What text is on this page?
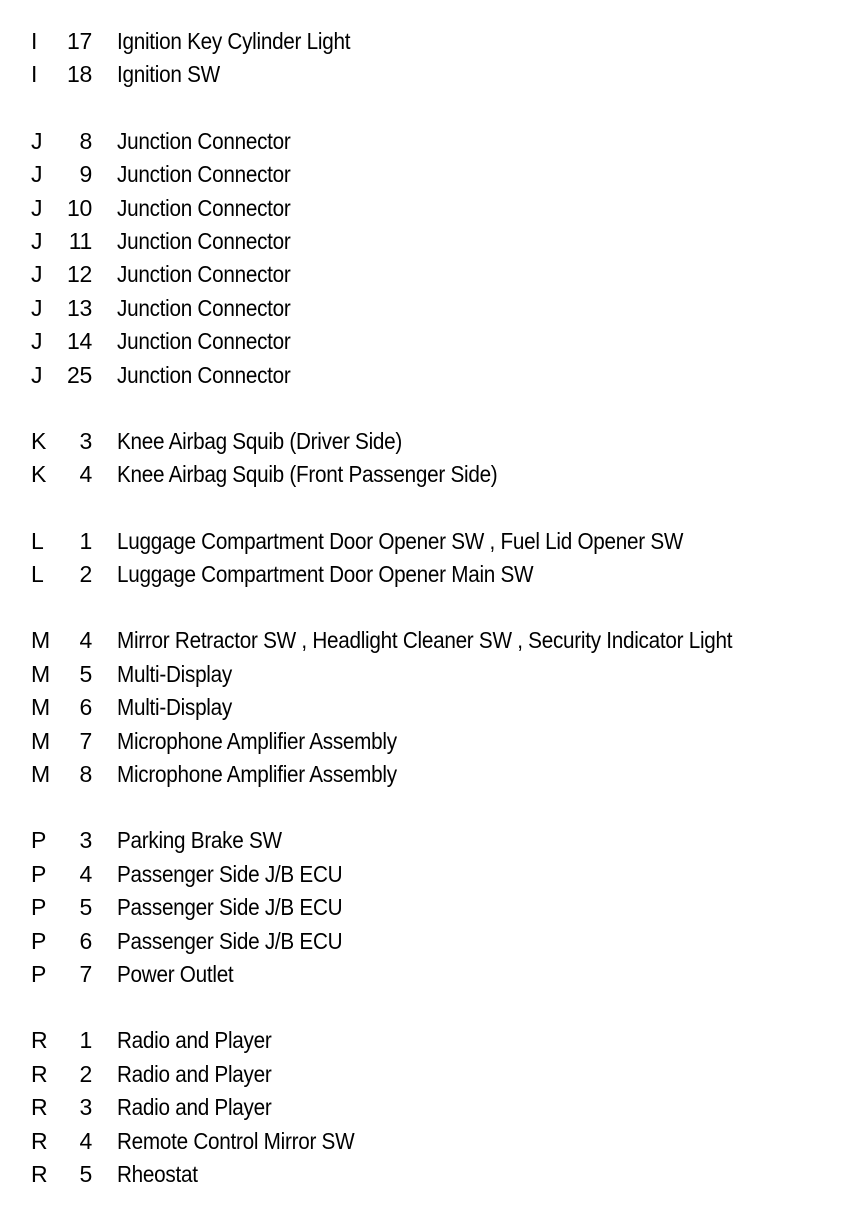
I	17 Ignition Key Cylinder Light
I	18 Ignition SW
J	8 Junction Connector
J	9 Junction Connector
J	10 Junction Connector
J	11 Junction Connector
J	12 Junction Connector
J	13 Junction Connector
J	14 Junction Connector
J	25 Junction Connector
K	3 Knee Airbag Squib (Driver Side)
K	4 Knee Airbag Squib (Front Passenger Side)
L	1 Luggage Compartment Door Opener SW , Fuel Lid Opener SW
L	2 Luggage Compartment Door Opener Main SW
M	4 Mirror Retractor SW , Headlight Cleaner SW , Security Indicator Light
M	5 Multi-Display
M	6 Multi-Display
M	7 Microphone Amplifier Assembly
M	8 Microphone Amplifier Assembly
P	3 Parking Brake SW
P	4 Passenger Side J/B ECU
P	5 Passenger Side J/B ECU
P	6 Passenger Side J/B ECU
P	7 Power Outlet
R	1 Radio and Player
R	2 Radio and Player
R	3 Radio and Player
R	4 Remote Control Mirror SW
R	5 Rheostat
